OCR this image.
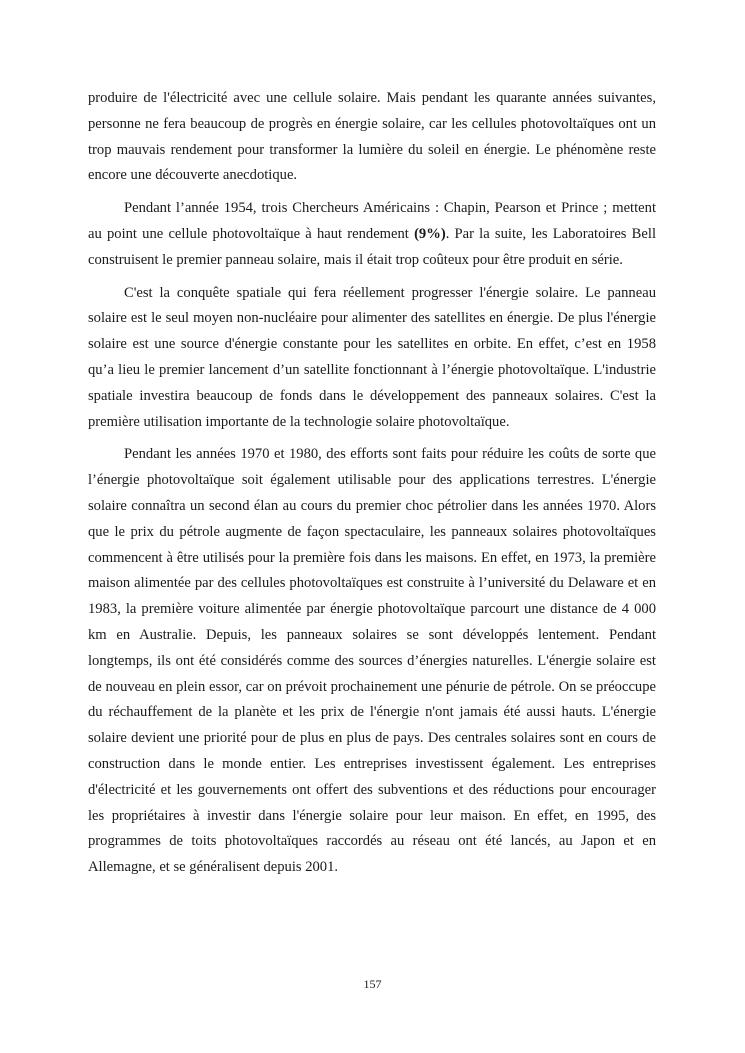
produire de l'électricité avec une cellule solaire. Mais pendant les quarante années suivantes, personne ne fera beaucoup de progrès en énergie solaire, car les cellules photovoltaïques ont un trop mauvais rendement pour transformer la lumière du soleil en énergie. Le phénomène reste encore une découverte anecdotique.

Pendant l’année 1954, trois Chercheurs Américains : Chapin, Pearson et Prince ; mettent au point une cellule photovoltaïque à haut rendement (9%). Par la suite, les Laboratoires Bell construisent le premier panneau solaire, mais il était trop coûteux pour être produit en série.

C'est la conquête spatiale qui fera réellement progresser l'énergie solaire. Le panneau solaire est le seul moyen non-nucléaire pour alimenter des satellites en énergie. De plus l'énergie solaire est une source d'énergie constante pour les satellites en orbite. En effet, c’est en 1958 qu’a lieu le premier lancement d’un satellite fonctionnant à l’énergie photovoltaïque. L'industrie spatiale investira beaucoup de fonds dans le développement des panneaux solaires. C'est la première utilisation importante de la technologie solaire photovoltaïque.

Pendant les années 1970 et 1980, des efforts sont faits pour réduire les coûts de sorte que l’énergie photovoltaïque soit également utilisable pour des applications terrestres. L'énergie solaire connaîtra un second élan au cours du premier choc pétrolier dans les années 1970. Alors que le prix du pétrole augmente de façon spectaculaire, les panneaux solaires photovoltaïques commencent à être utilisés pour la première fois dans les maisons. En effet, en 1973, la première maison alimentée par des cellules photovoltaïques est construite à l’université du Delaware et en 1983, la première voiture alimentée par énergie photovoltaïque parcourt une distance de 4 000 km en Australie. Depuis, les panneaux solaires se sont développés lentement. Pendant longtemps, ils ont été considérés comme des sources d’énergies naturelles. L'énergie solaire est de nouveau en plein essor, car on prévoit prochainement une pénurie de pétrole. On se préoccupe du réchauffement de la planète et les prix de l'énergie n'ont jamais été aussi hauts. L'énergie solaire devient une priorité pour de plus en plus de pays. Des centrales solaires sont en cours de construction dans le monde entier. Les entreprises investissent également. Les entreprises d'électricité et les gouvernements ont offert des subventions et des réductions pour encourager les propriétaires à investir dans l'énergie solaire pour leur maison. En effet, en 1995, des programmes de toits photovoltaïques raccordés au réseau ont été lancés, au Japon et en Allemagne, et se généralisent depuis 2001.

157
